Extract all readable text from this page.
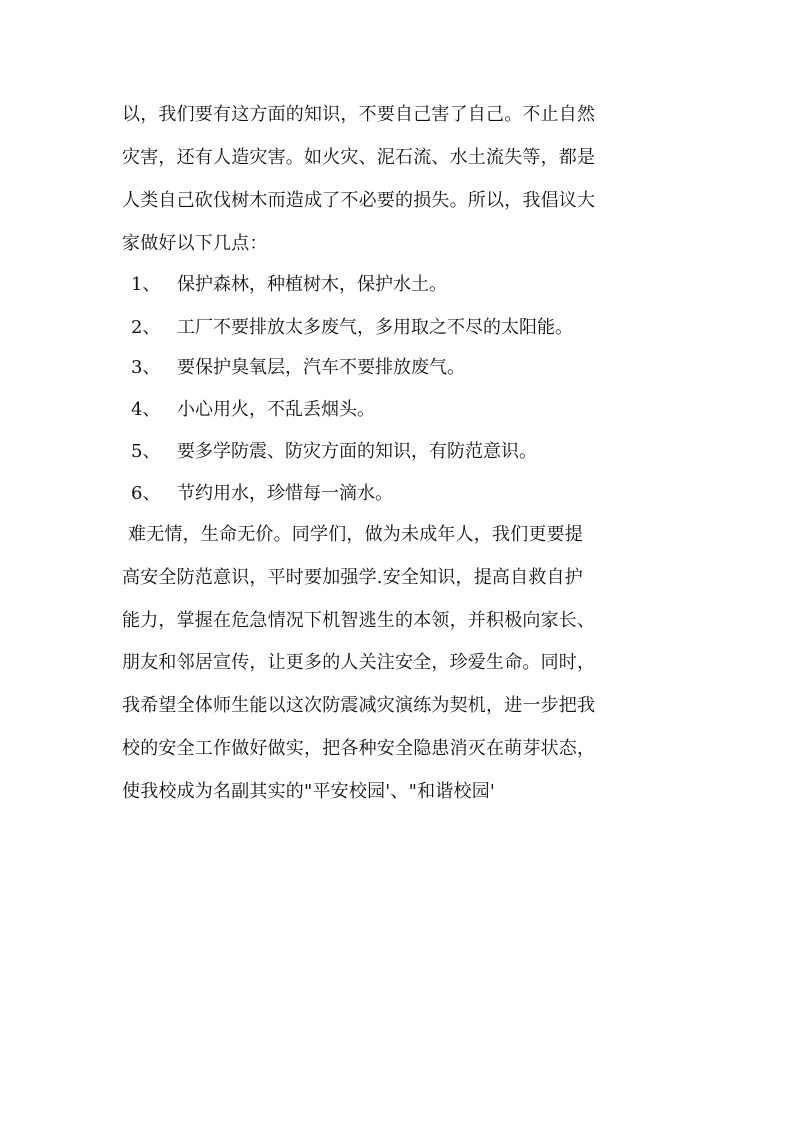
以，我们要有这方面的知识，不要自己害了自己。不止自然
灾害，还有人造灾害。如火灾、泥石流、水土流失等，都是
人类自己砍伐树木而造成了不必要的损失。所以，我倡议大
家做好以下几点：
1、 保护森林，种植树木，保护水土。
2、 工厂不要排放太多废气，多用取之不尽的太阳能。
3、 要保护臭氧层，汽车不要排放废气。
4、 小心用火，不乱丢烟头。
5、 要多学防震、防灾方面的知识，有防范意识。
6、 节约用水，珍惜每一滴水。
难无情，生命无价。同学们，做为未成年人，我们更要提
高安全防范意识，平时要加强学.安全知识，提高自救自护
能力，掌握在危急情况下机智逃生的本领，并积极向家长、
朋友和邻居宣传，让更多的人关注安全，珍爱生命。同时，
我希望全体师生能以这次防震减灾演练为契机，进一步把我
校的安全工作做好做实，把各种安全隐患消灭在萌芽状态，
使我校成为名副其实的"平安校园'、"和谐校园'
